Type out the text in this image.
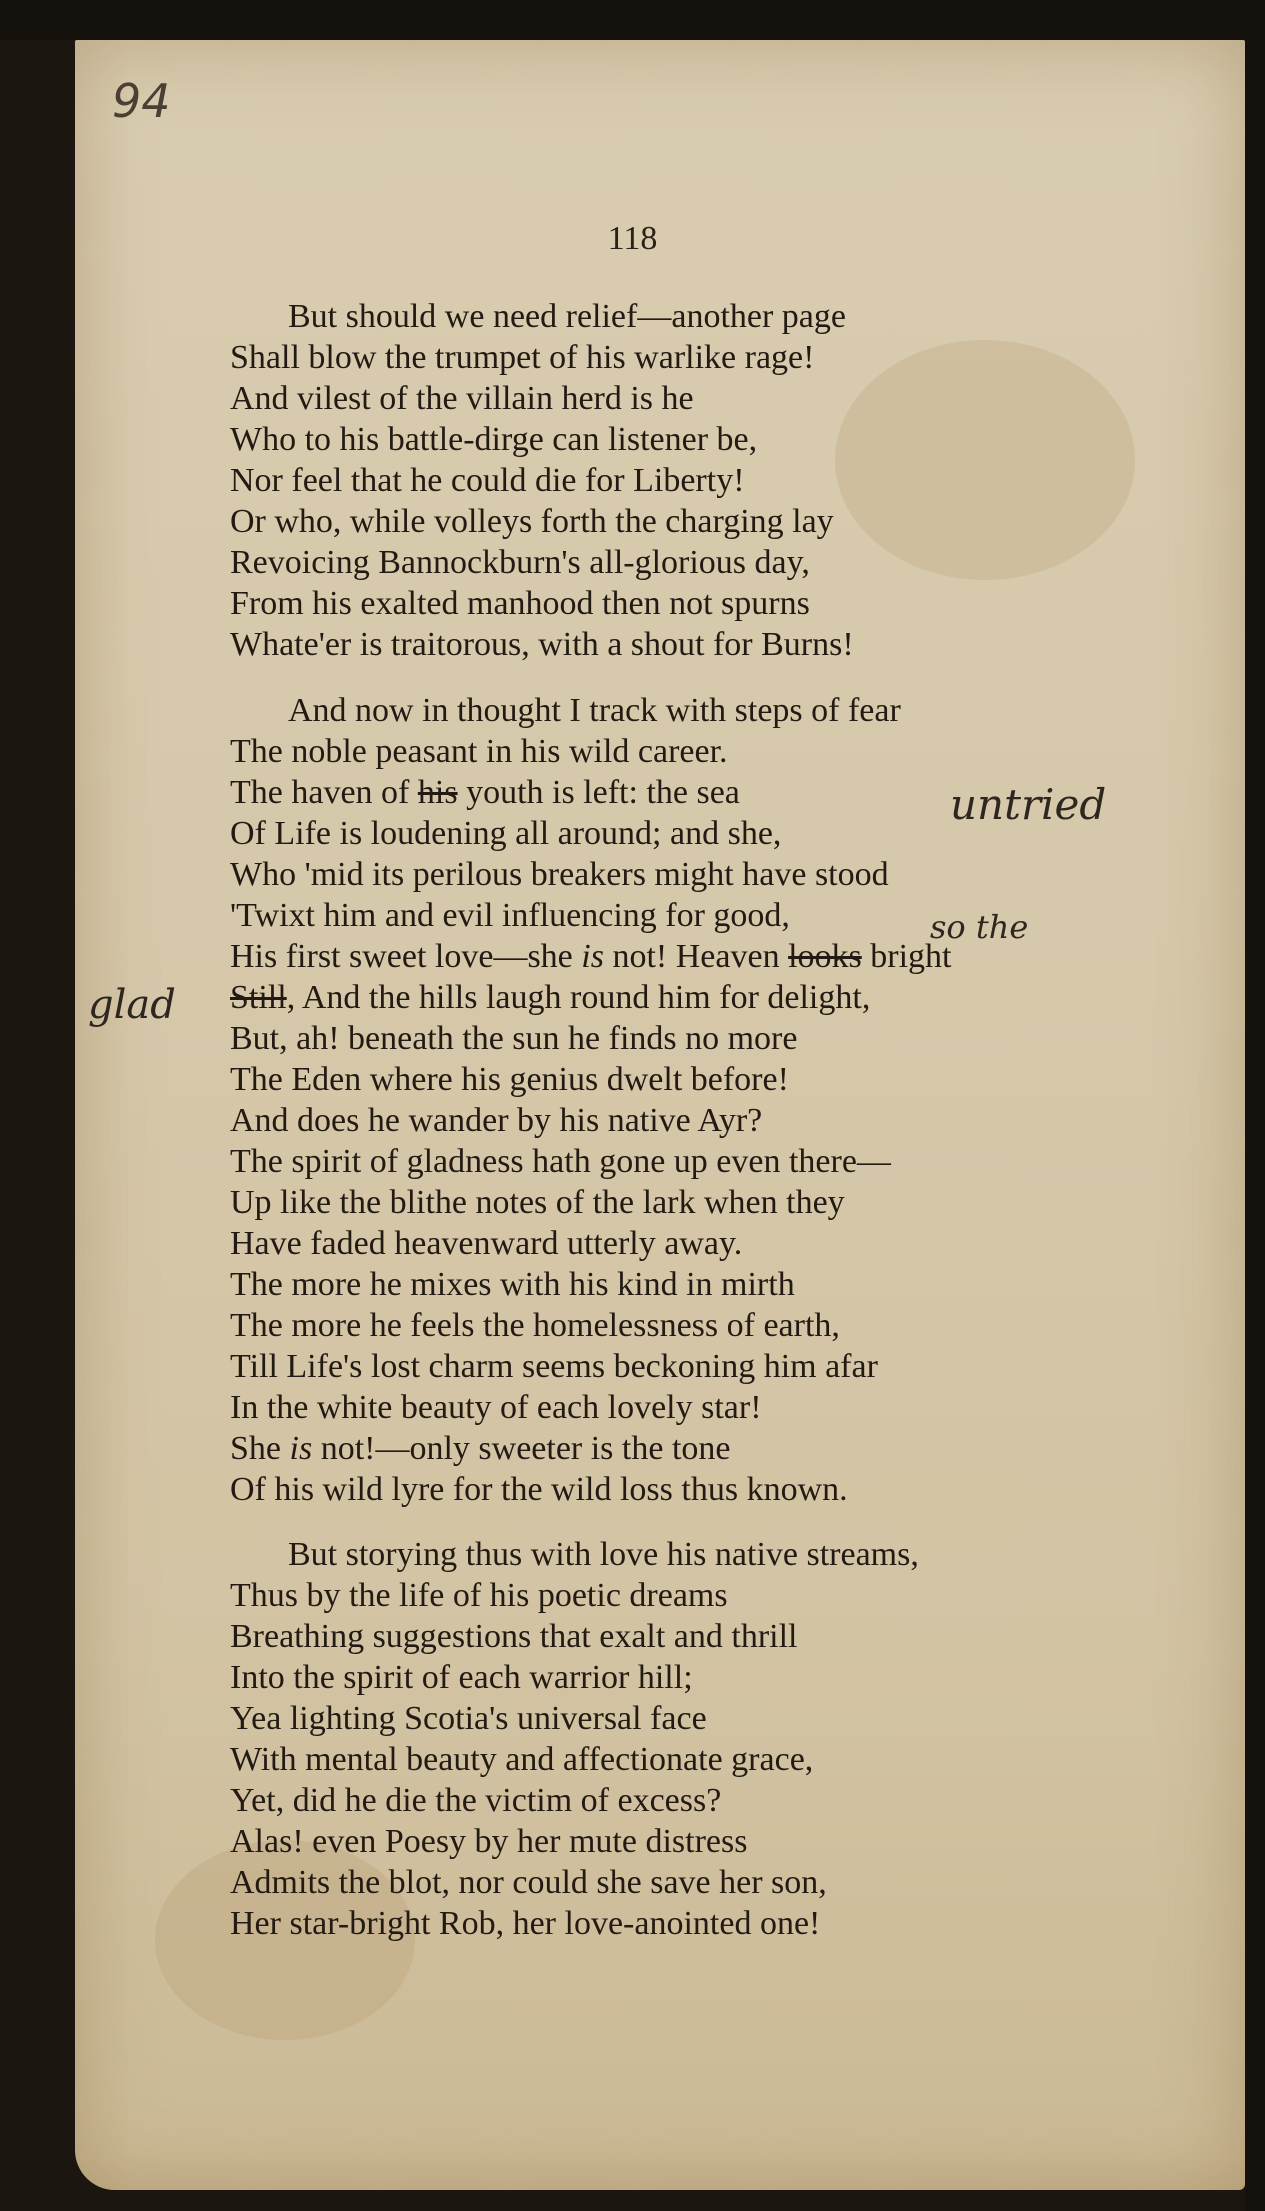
94
118
But should we need relief—another page
Shall blow the trumpet of his warlike rage!
And vilest of the villain herd is he
Who to his battle-dirge can listener be,
Nor feel that he could die for Liberty!
Or who, while volleys forth the charging lay
Revoicing Bannockburn's all-glorious day,
From his exalted manhood then not spurns
Whate'er is traitorous, with a shout for Burns!
And now in thought I track with steps of fear
The noble peasant in his wild career.
The haven of his youth is left: the sea
Of Life is loudening all around; and she,
Who 'mid its perilous breakers might have stood
'Twixt him and evil influencing for good,
His first sweet love—she is not! Heaven looks bright
Still, And the hills laugh round him for delight,
But, ah! beneath the sun he finds no more
The Eden where his genius dwelt before!
And does he wander by his native Ayr?
The spirit of gladness hath gone up even there—
Up like the blithe notes of the lark when they
Have faded heavenward utterly away.
The more he mixes with his kind in mirth
The more he feels the homelessness of earth,
Till Life's lost charm seems beckoning him afar
In the white beauty of each lovely star!
She is not!—only sweeter is the tone
Of his wild lyre for the wild loss thus known.
But storying thus with love his native streams,
Thus by the life of his poetic dreams
Breathing suggestions that exalt and thrill
Into the spirit of each warrior hill;
Yea lighting Scotia's universal face
With mental beauty and affectionate grace,
Yet, did he die the victim of excess?
Alas! even Poesy by her mute distress
Admits the blot, nor could she save her son,
Her star-bright Rob, her love-anointed one!
untried
so the
glad
